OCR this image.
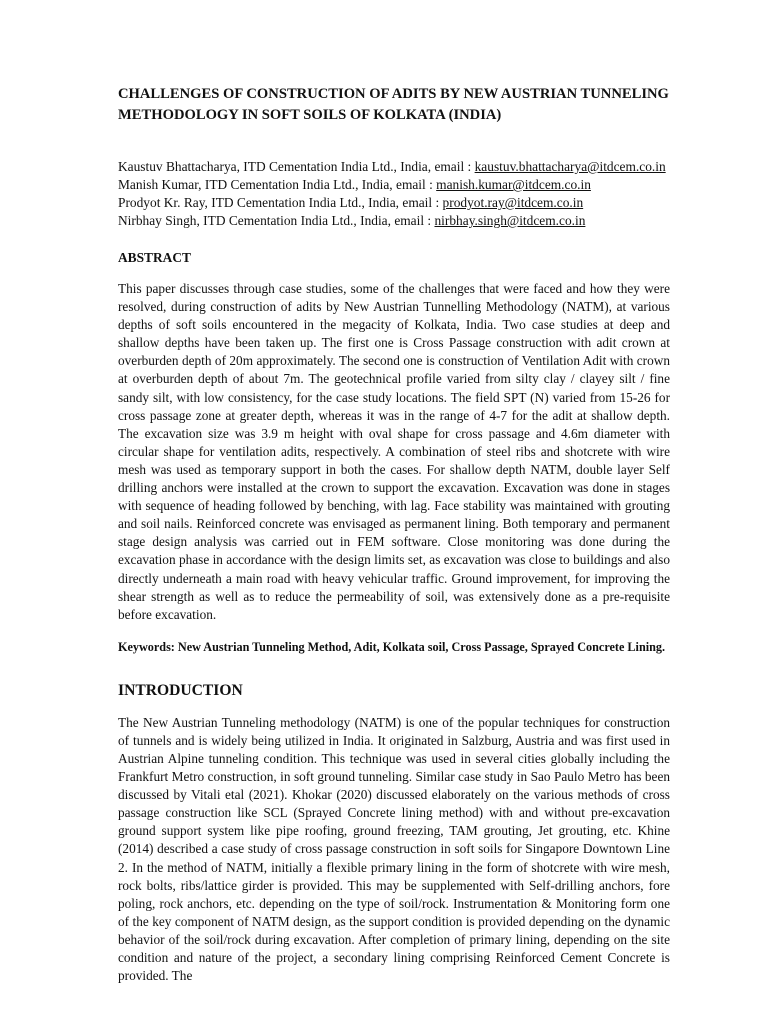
CHALLENGES OF CONSTRUCTION OF ADITS BY NEW AUSTRIAN TUNNELING METHODOLOGY IN SOFT SOILS OF KOLKATA (INDIA)
Kaustuv Bhattacharya, ITD Cementation India Ltd., India, email : kaustuv.bhattacharya@itdcem.co.in
Manish Kumar, ITD Cementation India Ltd., India, email : manish.kumar@itdcem.co.in
Prodyot Kr. Ray, ITD Cementation India Ltd., India, email : prodyot.ray@itdcem.co.in
Nirbhay Singh, ITD Cementation India Ltd., India, email : nirbhay.singh@itdcem.co.in
ABSTRACT

This paper discusses through case studies, some of the challenges that were faced and how they were resolved, during construction of adits by New Austrian Tunnelling Methodology (NATM), at various depths of soft soils encountered in the megacity of Kolkata, India. Two case studies at deep and shallow depths have been taken up. The first one is Cross Passage construction with adit crown at overburden depth of 20m approximately. The second one is construction of Ventilation Adit with crown at overburden depth of about 7m. The geotechnical profile varied from silty clay / clayey silt / fine sandy silt, with low consistency, for the case study locations. The field SPT (N) varied from 15-26 for cross passage zone at greater depth, whereas it was in the range of 4-7 for the adit at shallow depth. The excavation size was 3.9 m height with oval shape for cross passage and 4.6m diameter with circular shape for ventilation adits, respectively. A combination of steel ribs and shotcrete with wire mesh was used as temporary support in both the cases. For shallow depth NATM, double layer Self drilling anchors were installed at the crown to support the excavation. Excavation was done in stages with sequence of heading followed by benching, with lag. Face stability was maintained with grouting and soil nails. Reinforced concrete was envisaged as permanent lining. Both temporary and permanent stage design analysis was carried out in FEM software. Close monitoring was done during the excavation phase in accordance with the design limits set, as excavation was close to buildings and also directly underneath a main road with heavy vehicular traffic. Ground improvement, for improving the shear strength as well as to reduce the permeability of soil, was extensively done as a pre-requisite before excavation.

Keywords: New Austrian Tunneling Method, Adit, Kolkata soil, Cross Passage, Sprayed Concrete Lining.
INTRODUCTION

The New Austrian Tunneling methodology (NATM) is one of the popular techniques for construction of tunnels and is widely being utilized in India. It originated in Salzburg, Austria and was first used in Austrian Alpine tunneling condition. This technique was used in several cities globally including the Frankfurt Metro construction, in soft ground tunneling. Similar case study in Sao Paulo Metro has been discussed by Vitali etal (2021). Khokar (2020) discussed elaborately on the various methods of cross passage construction like SCL (Sprayed Concrete lining method) with and without pre-excavation ground support system like pipe roofing, ground freezing, TAM grouting, Jet grouting, etc. Khine (2014) described a case study of cross passage construction in soft soils for Singapore Downtown Line 2. In the method of NATM, initially a flexible primary lining in the form of shotcrete with wire mesh, rock bolts, ribs/lattice girder is provided. This may be supplemented with Self-drilling anchors, fore poling, rock anchors, etc. depending on the type of soil/rock. Instrumentation & Monitoring form one of the key component of NATM design, as the support condition is provided depending on the dynamic behavior of the soil/rock during excavation. After completion of primary lining, depending on the site condition and nature of the project, a secondary lining comprising Reinforced Cement Concrete is provided. The
